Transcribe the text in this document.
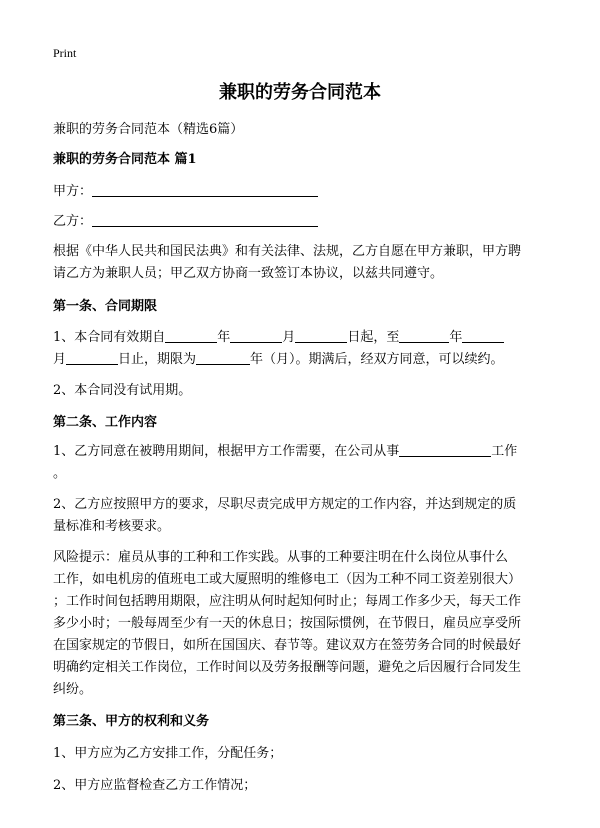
Print
兼职的劳务合同范本
兼职的劳务合同范本（精选6篇）
兼职的劳务合同范本 篇1
甲方：
乙方：
根据《中华人民共和国民法典》和有关法律、法规，乙方自愿在甲方兼职，甲方聘
请乙方为兼职人员；甲乙双方协商一致签订本协议，以兹共同遵守。
第一条、合同期限
1、本合同有效期自	年	月	日起，至	年
月	日止，期限为	年（月）。期满后，经双方同意，可以续约。
2、本合同没有试用期。
第二条、工作内容
1、乙方同意在被聘用期间，根据甲方工作需要，在公司从事	工作
。
2、乙方应按照甲方的要求，尽职尽责完成甲方规定的工作内容，并达到规定的质
量标准和考核要求。
风险提示：雇员从事的工种和工作实践。从事的工种要注明在什么岗位从事什么
工作，如电机房的值班电工或大厦照明的维修电工（因为工种不同工资差别很大）
；工作时间包括聘用期限，应注明从何时起知何时止；每周工作多少天，每天工作
多少小时；一般每周至少有一天的休息日；按国际惯例，在节假日，雇员应享受所
在国家规定的节假日，如所在国国庆、春节等。建议双方在签劳务合同的时候最好
明确约定相关工作岗位，工作时间以及劳务报酬等问题，避免之后因履行合同发生
纠纷。
第三条、甲方的权利和义务
1、甲方应为乙方安排工作，分配任务；
2、甲方应监督检查乙方工作情况；
